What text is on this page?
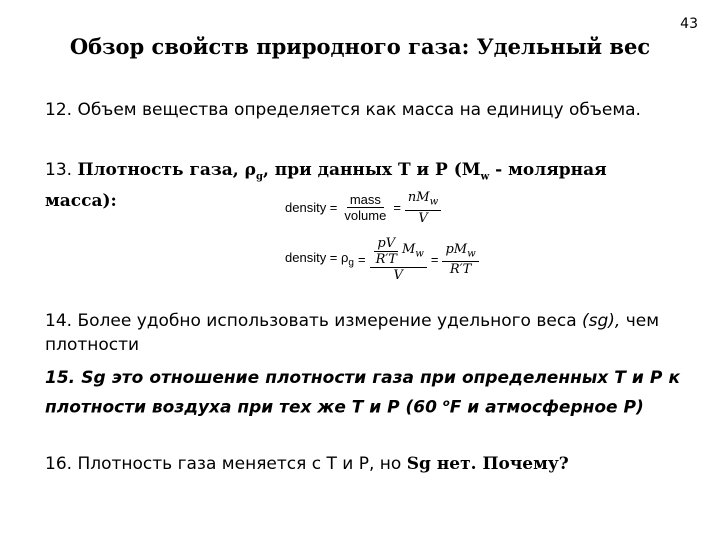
43
Обзор свойств природного газа: Удельный вес
12. Объем вещества определяется как масса на единицу объема.
13. Плотность газа, $\rho_g$, при данных Т и Р ($M_w$ - молярная масса):	density = $\frac{\text{mass}}{\text{volume}} = \frac{nM_w}{V}$
density = $\rho_g = \frac{\frac{pV}{R'T} M_w}{V} = \frac{pM_w}{R'T}$
14. Более удобно использовать измерение удельного веса (sg), чем плотности
15. Sg это отношение плотности газа при определенных Т и Р к плотности воздуха при тех же Т и Р (60 $^o$F и атмосферное Р)
16. Плотность газа меняется с Т и Р, но Sg нет. Почему?
